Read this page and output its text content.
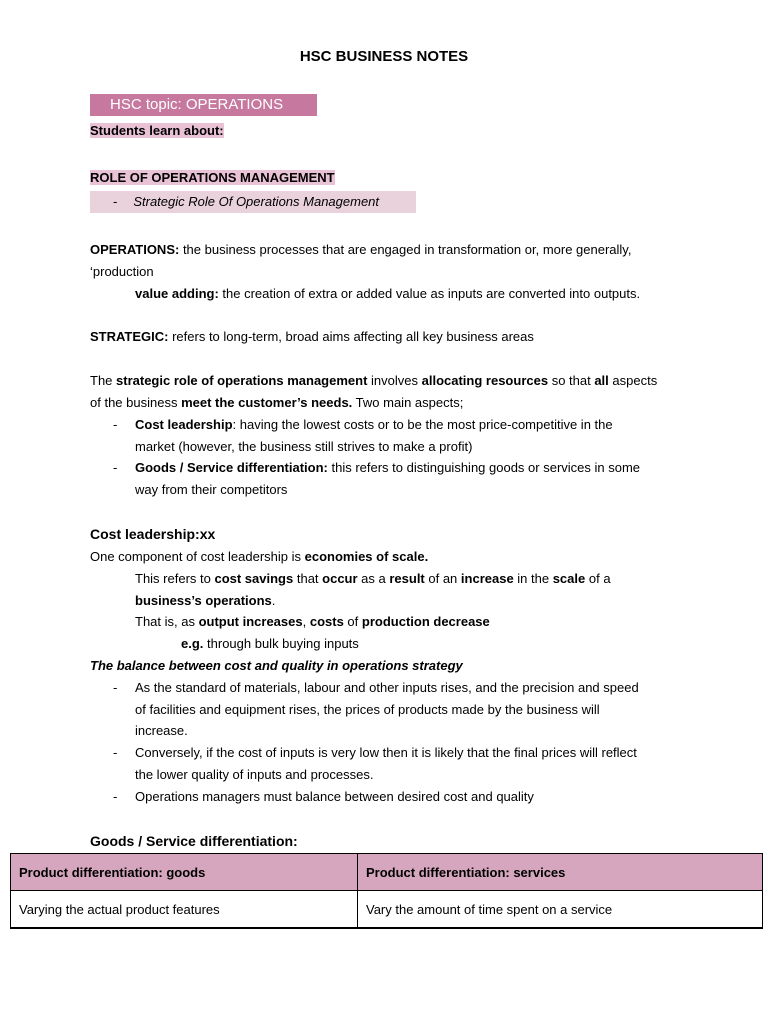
HSC BUSINESS NOTES
HSC topic: OPERATIONS
Students learn about:
ROLE OF OPERATIONS MANAGEMENT
- Strategic Role Of Operations Management
OPERATIONS: the business processes that are engaged in transformation or, more generally,
‘production
value adding: the creation of extra or added value as inputs are converted into outputs.
STRATEGIC: refers to long-term, broad aims affecting all key business areas
The strategic role of operations management involves allocating resources so that all aspects
of the business meet the customer’s needs. Two main aspects;
- Cost leadership: having the lowest costs or to be the most price-competitive in the
market (however, the business still strives to make a profit)
- Goods / Service differentiation: this refers to distinguishing goods or services in some
way from their competitors
Cost leadership:xx
One component of cost leadership is economies of scale.
This refers to cost savings that occur as a result of an increase in the scale of a
business’s operations.
That is, as output increases, costs of production decrease
e.g. through bulk buying inputs
The balance between cost and quality in operations strategy
- As the standard of materials, labour and other inputs rises, and the precision and speed
of facilities and equipment rises, the prices of products made by the business will
increase.
- Conversely, if the cost of inputs is very low then it is likely that the final prices will reflect
the lower quality of inputs and processes.
- Operations managers must balance between desired cost and quality
Goods / Service differentiation:
Product differentiation: goods	Product differentiation: services
Varying the actual product features	Vary the amount of time spent on a service
